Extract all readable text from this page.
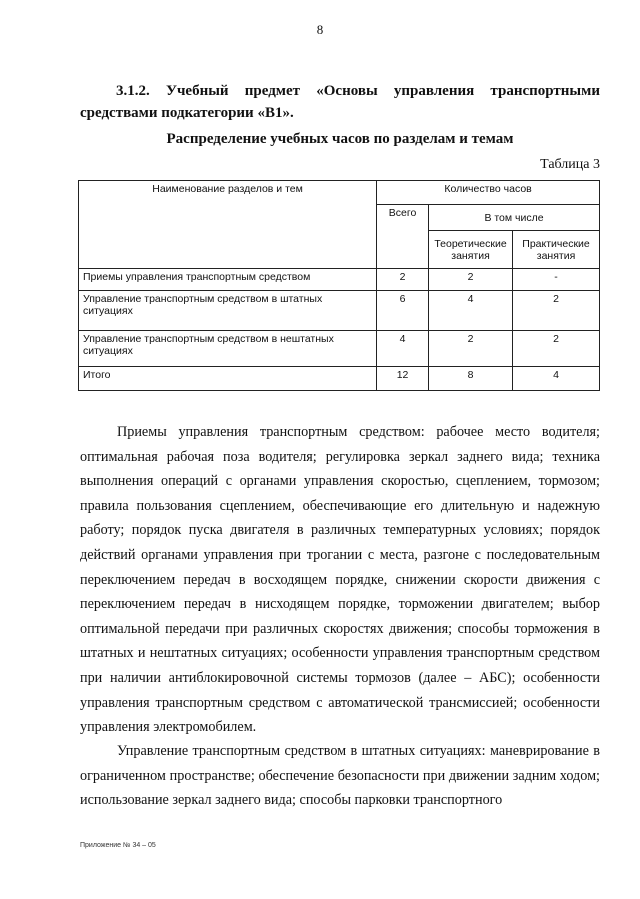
8
3.1.2. Учебный предмет «Основы управления транспортными средствами подкатегории «B1».
Распределение учебных часов по разделам и темам
Таблица 3
Наименование разделов и тем	Количество часов		
	Всего	В том числе	
		Теоретические занятия	Практические занятия
Приемы управления транспортным средством	2	2	-
Управление транспортным средством в штатных ситуациях	6	4	2
Управление транспортным средством в нештатных ситуациях	4	2	2
Итого	12	8	4

Приемы управления транспортным средством: рабочее место водителя; оптимальная рабочая поза водителя; регулировка зеркал заднего вида; техника выполнения операций с органами управления скоростью, сцеплением, тормозом; правила пользования сцеплением, обеспечивающие его длительную и надежную работу; порядок пуска двигателя в различных температурных условиях; порядок действий органами управления при трогании с места, разгоне с последовательным переключением передач в восходящем порядке, снижении скорости движения с переключением передач в нисходящем порядке, торможении двигателем; выбор оптимальной передачи при различных скоростях движения; способы торможения в штатных и нештатных ситуациях; особенности управления транспортным средством при наличии антиблокировочной системы тормозов (далее – АБС); особенности управления транспортным средством с автоматической трансмиссией; особенности управления электромобилем.

Управление транспортным средством в штатных ситуациях: маневрирование в ограниченном пространстве; обеспечение безопасности при движении задним ходом; использование зеркал заднего вида; способы парковки транспортного

Приложение № 34 – 05
